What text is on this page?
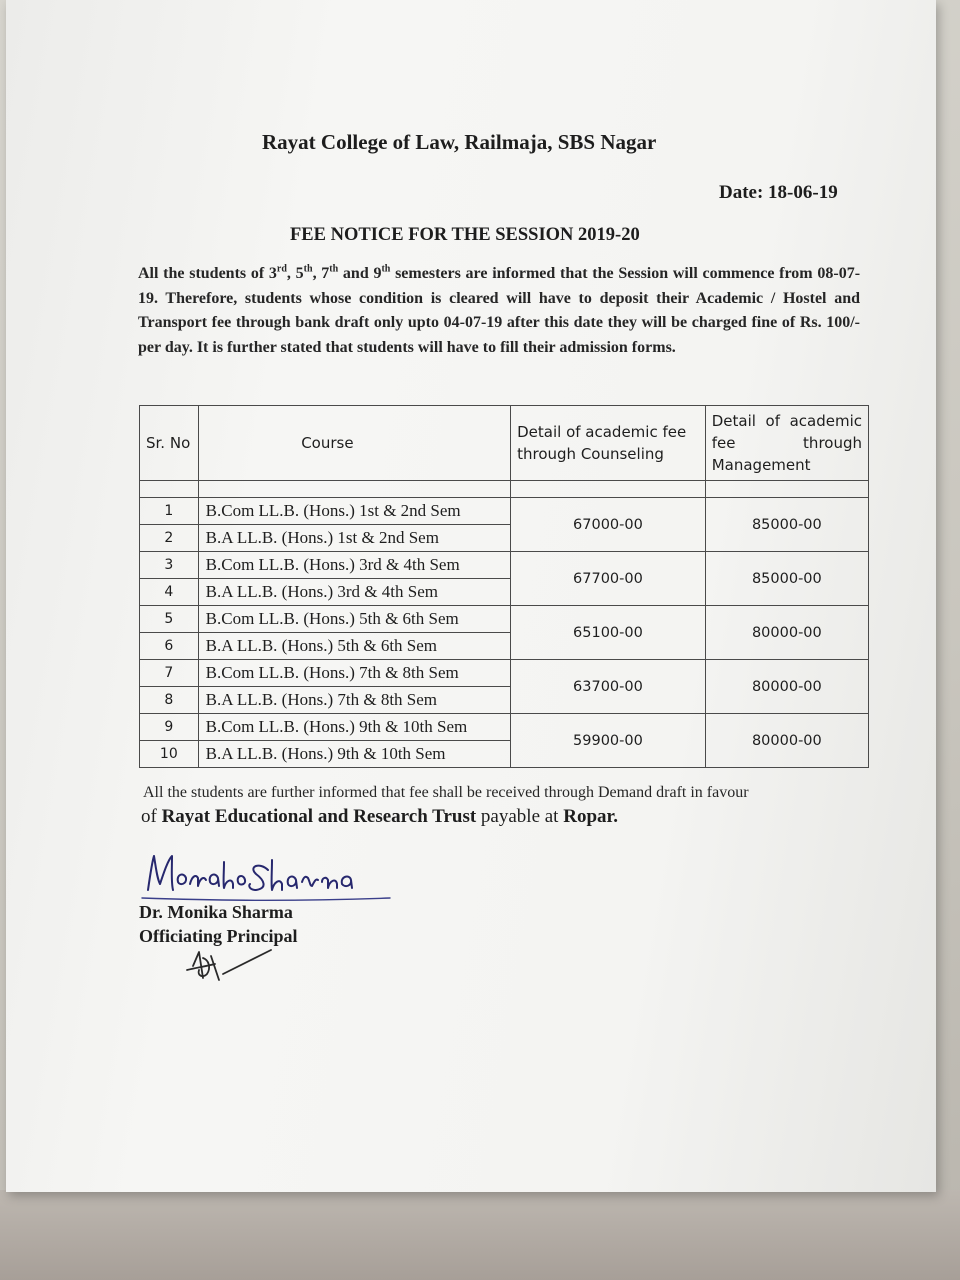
Rayat College of Law, Railmaja, SBS Nagar
Date: 18-06-19
FEE NOTICE FOR THE SESSION 2019-20
All the students of 3rd, 5th, 7th and 9th semesters are informed that the Session will commence from 08-07-19. Therefore, students whose condition is cleared will have to deposit their Academic / Hostel and Transport fee through bank draft only upto 04-07-19 after this date they will be charged fine of Rs. 100/- per day. It is further stated that students will have to fill their admission forms.
Sr. No	Course	Detail of academic fee through Counseling	Detail of academic fee through Management

1	B.Com LL.B. (Hons.) 1st & 2nd Sem	67000-00	85000-00
2	B.A LL.B. (Hons.) 1st & 2nd Sem		
3	B.Com LL.B. (Hons.) 3rd & 4th Sem	67700-00	85000-00
4	B.A LL.B. (Hons.) 3rd & 4th Sem		
5	B.Com LL.B. (Hons.) 5th & 6th Sem	65100-00	80000-00
6	B.A LL.B. (Hons.) 5th & 6th Sem		
7	B.Com LL.B. (Hons.) 7th & 8th Sem	63700-00	80000-00
8	B.A LL.B. (Hons.) 7th & 8th Sem		
9	B.Com LL.B. (Hons.) 9th & 10th Sem	59900-00	80000-00
10	B.A LL.B. (Hons.) 9th & 10th Sem		
All the students are further informed that fee shall be received through Demand draft in favour
of Rayat Educational and Research Trust payable at Ropar.
Dr. Monika Sharma
Officiating Principal
